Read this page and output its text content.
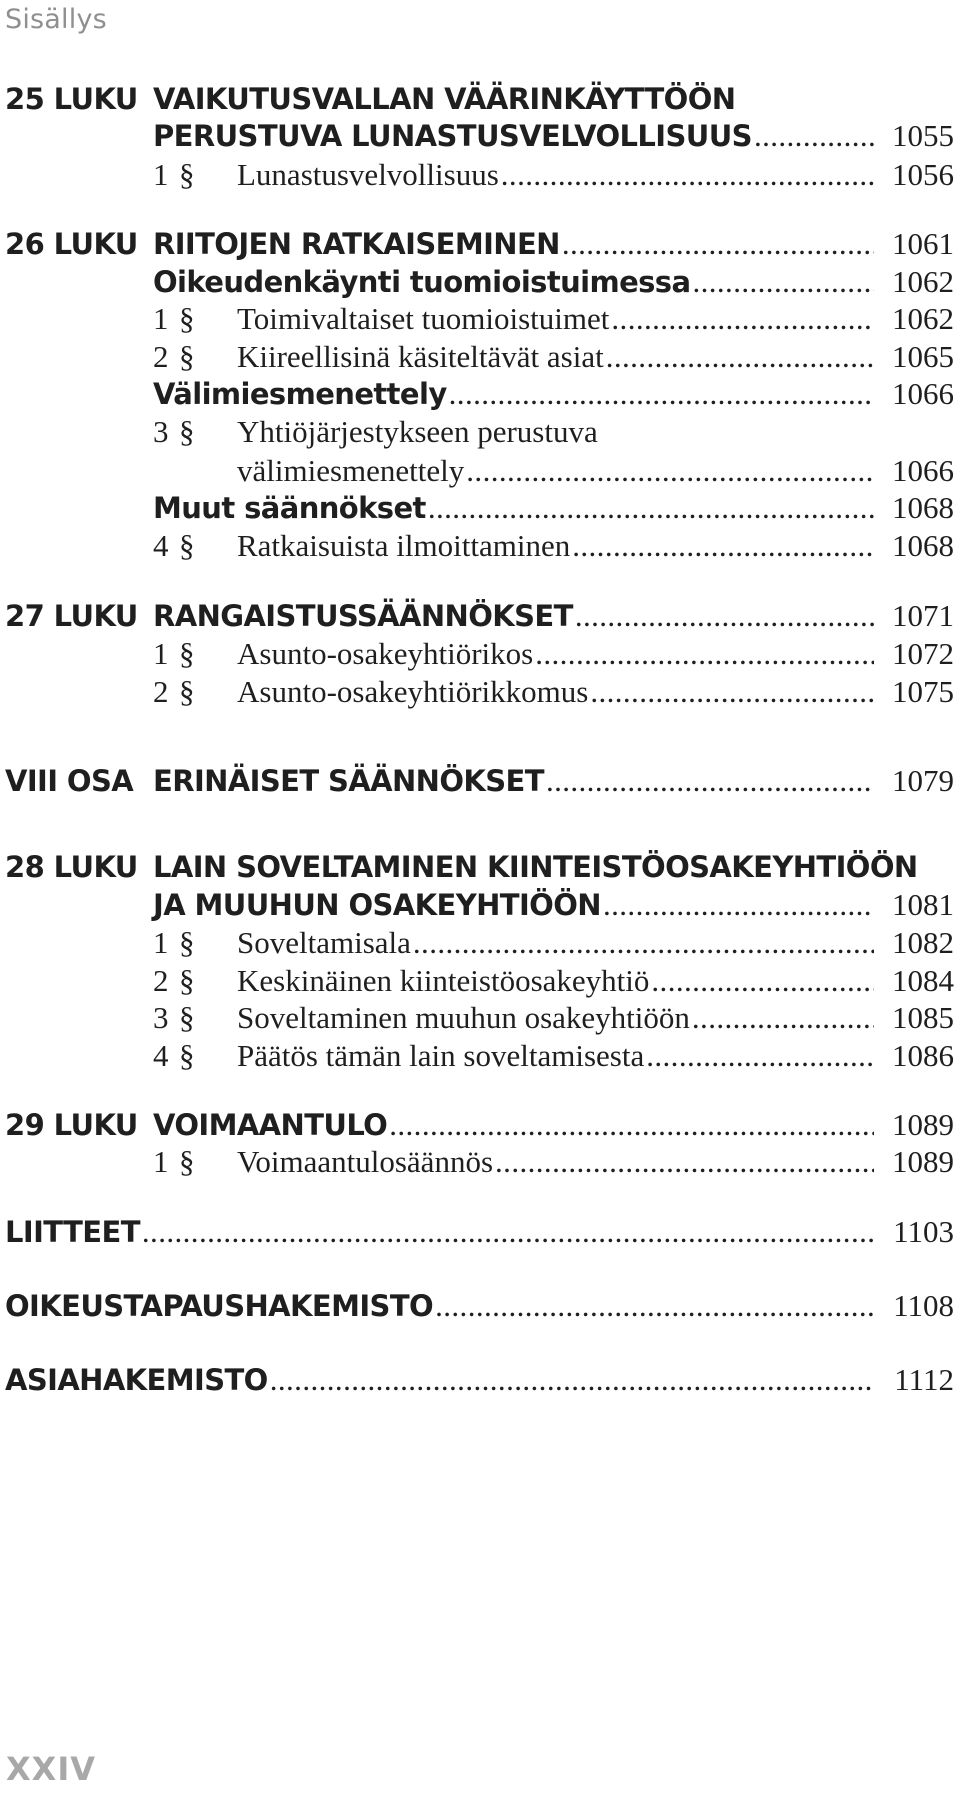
Sisällys
25 LUKU VAIKUTUSVALLAN VÄÄRINKÄYTTÖÖN
PERUSTUVA LUNASTUSVELVOLLISUUS .....	1055
1 §	Lunastusvelvollisuus .....	1056
26 LUKU RIITOJEN RATKAISEMINEN .....	1061
Oikeudenkäynti tuomioistuimessa .....	1062
1 §	Toimivaltaiset tuomioistuimet .....	1062
2 §	Kiireellisinä käsiteltävät asiat .....	1065
Välimiesmenettely .....	1066
3 §	Yhtiöjärjestykseen perustuva
välimiesmenettely .....	1066
Muut säännökset .....	1068
4 §	Ratkaisuista ilmoittaminen .....	1068
27 LUKU RANGAISTUSSÄÄNNÖKSET .....	1071
1 §	Asunto-osakeyhtiörikos .....	1072
2 §	Asunto-osakeyhtiörikkomus .....	1075
VIII OSA ERINÄISET SÄÄNNÖKSET .....	1079
28 LUKU LAIN SOVELTAMINEN KIINTEISTÖOSAKEYHTIÖÖN
JA MUUHUN OSAKEYHTIÖÖN .....	1081
1 §	Soveltamisala .....	1082
2 §	Keskinäinen kiinteistöosakeyhtiö .....	1084
3 §	Soveltaminen muuhun osakeyhtiöön .....	1085
4 §	Päätös tämän lain soveltamisesta .....	1086
29 LUKU VOIMAANTULO .....	1089
1 §	Voimaantulosäännös .....	1089
LIITTEET .....	1103
OIKEUSTAPAUSHAKEMISTO .....	1108
ASIAHAKEMISTO .....	1112
XXIV
